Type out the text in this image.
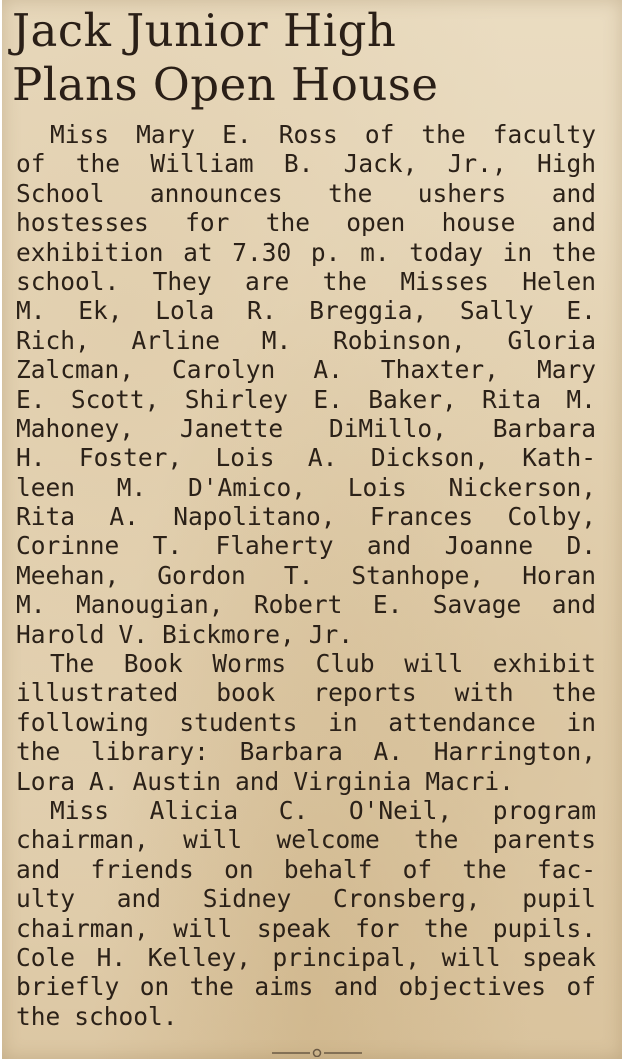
Jack Junior High
Plans Open House
Miss Mary E. Ross of the faculty
of the William B. Jack, Jr., High
School announces the ushers and
hostesses for the open house and
exhibition at 7.30 p. m. today in the
school. They are the Misses Helen
M. Ek, Lola R. Breggia, Sally E.
Rich, Arline M. Robinson, Gloria
Zalcman, Carolyn A. Thaxter, Mary
E. Scott, Shirley E. Baker, Rita M.
Mahoney, Janette DiMillo, Barbara
H. Foster, Lois A. Dickson, Kath-
leen M. D'Amico, Lois Nickerson,
Rita A. Napolitano, Frances Colby,
Corinne T. Flaherty and Joanne D.
Meehan, Gordon T. Stanhope, Horan
M. Manougian, Robert E. Savage and
Harold V. Bickmore, Jr.
The Book Worms Club will exhibit
illustrated book reports with the
following students in attendance in
the library: Barbara A. Harrington,
Lora A. Austin and Virginia Macri.
Miss Alicia C. O'Neil, program
chairman, will welcome the parents
and friends on behalf of the fac-
ulty and Sidney Cronsberg, pupil
chairman, will speak for the pupils.
Cole H. Kelley, principal, will speak
briefly on the aims and objectives of
the school.
